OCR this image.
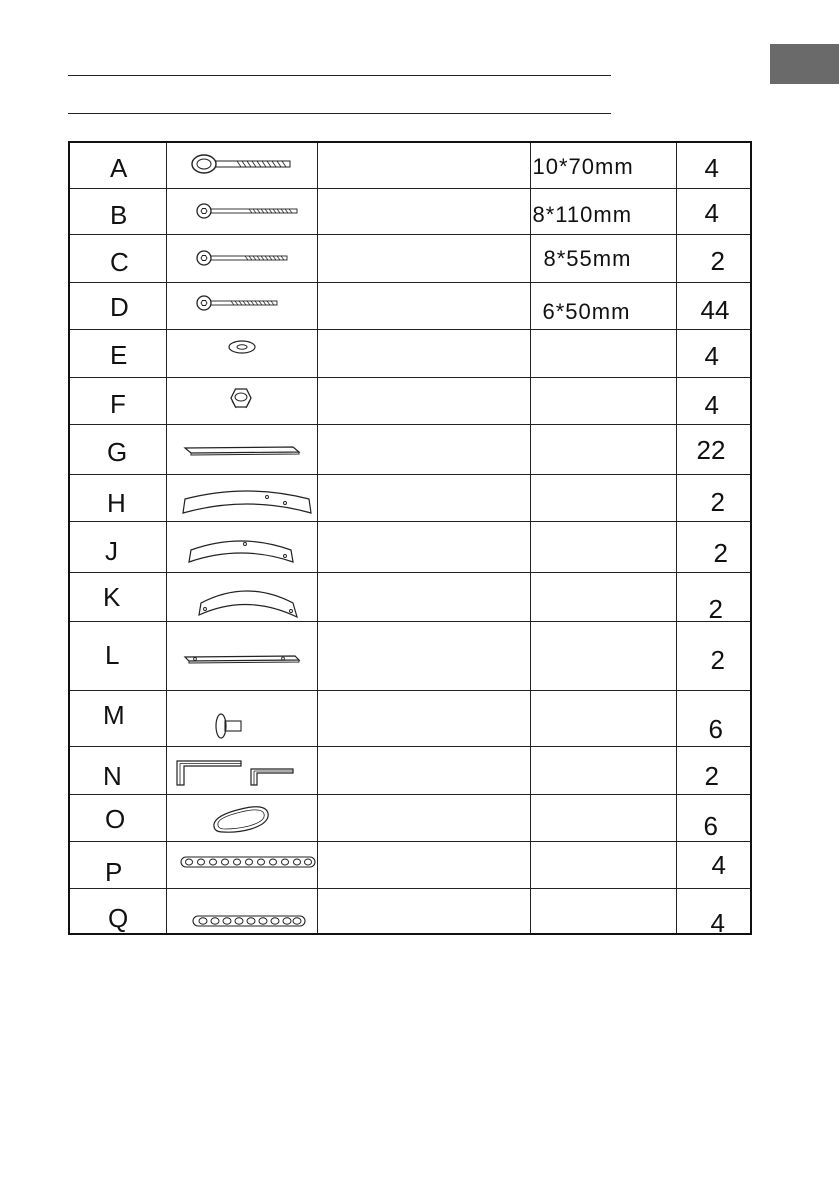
A			10*70mm	4

B			8*110mm	4

C			8*55mm	2

D			6*50mm	44

E				4

F				4

G				22

H				2

J				2

K				2

L				2

M				6

N				2

O				6

P				4

Q				4
